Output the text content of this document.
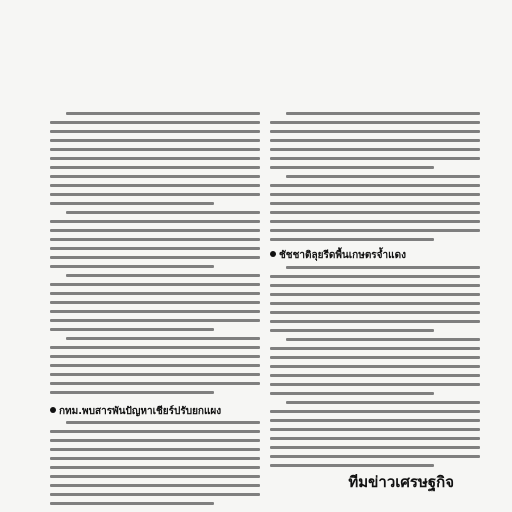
กทม.พบสารพันปัญหาเชียร์ปรับยกแผง
ชัชชาติลุยรีดพื้นเกษตรจ้ำแดง
ทีมข่าวเศรษฐกิจ
